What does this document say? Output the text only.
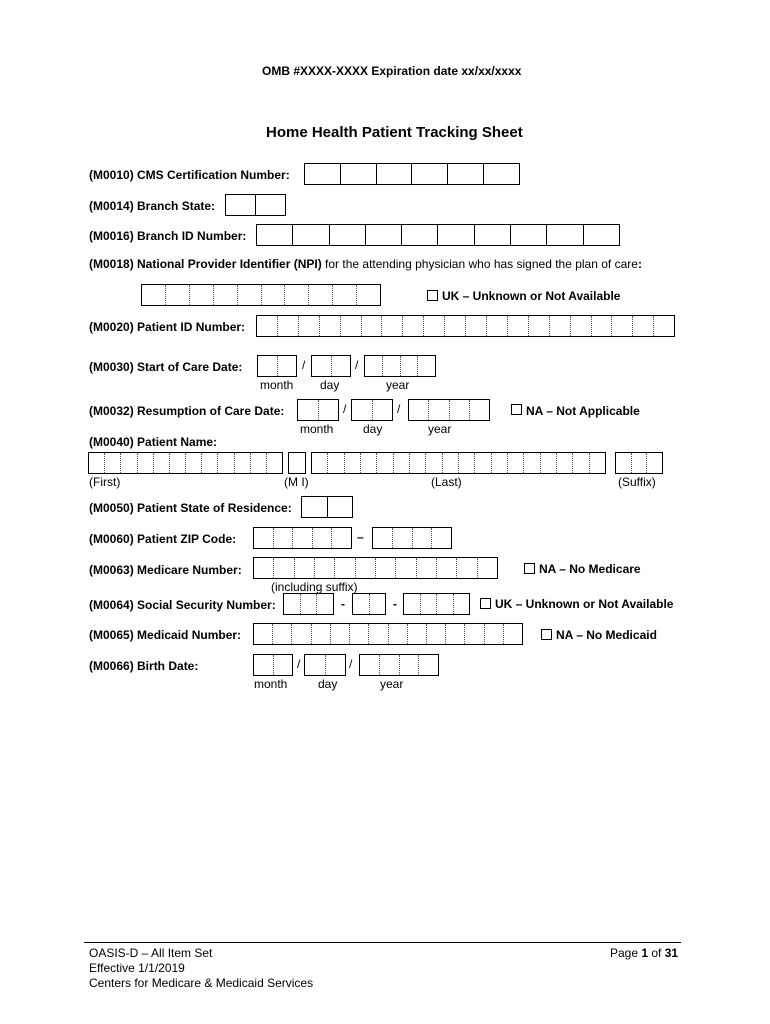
OMB #XXXX-XXXX Expiration date xx/xx/xxxx
Home Health Patient Tracking Sheet
(M0010) CMS Certification Number:
(M0014) Branch State:
(M0016) Branch ID Number:
(M0018) National Provider Identifier (NPI) for the attending physician who has signed the plan of care:
UK – Unknown or Not Available
(M0020) Patient ID Number:
(M0030) Start of Care Date:	/	/
month day	year
(M0032) Resumption of Care Date:	/	/	NA – Not Applicable
month day	year
(M0040) Patient Name:
(First)	(M I)	(Last)	(Suffix)
(M0050) Patient State of Residence:
(M0060) Patient ZIP Code:	–
(M0063) Medicare Number:	NA – No Medicare
(including suffix)
(M0064) Social Security Number:	-	-	UK – Unknown or Not Available
(M0065) Medicaid Number:	NA – No Medicaid
(M0066) Birth Date:	/	/
month	day	year
OASIS-D – All Item Set
Effective 1/1/2019
Centers for Medicare & Medicaid Services
Page 1 of 31
